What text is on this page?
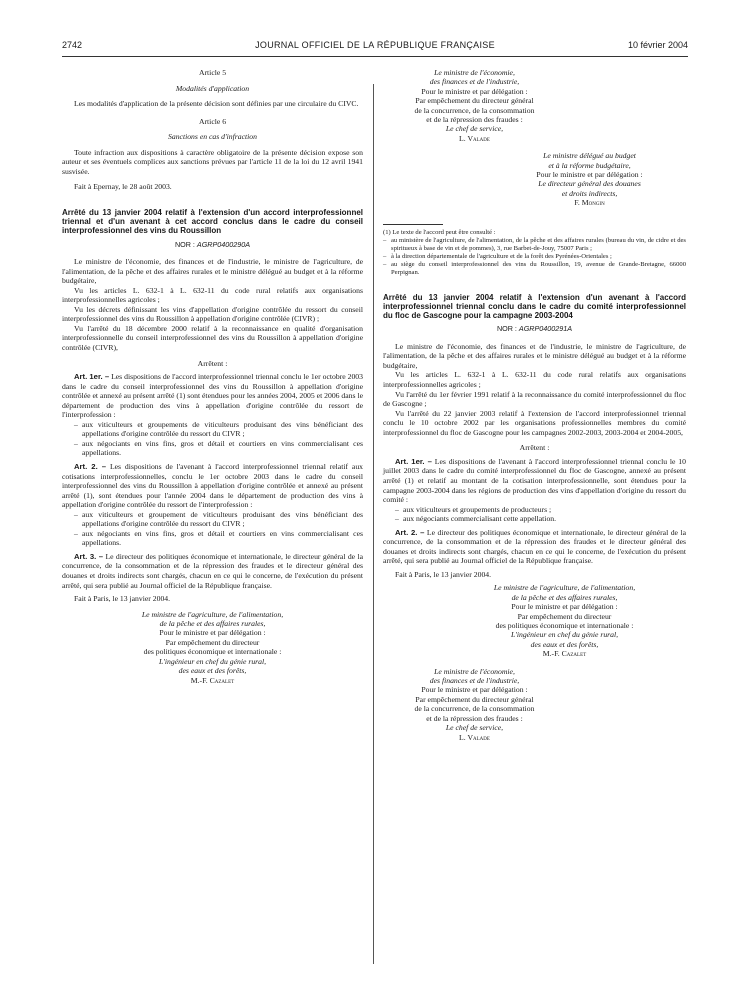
2742	JOURNAL OFFICIEL DE LA RÉPUBLIQUE FRANÇAISE	10 février 2004
Article 5
Modalités d'application

Les modalités d'application de la présente décision sont définies par une circulaire du CIVC.

Article 6
Sanctions en cas d'infraction

Toute infraction aux dispositions à caractère obligatoire de la présente décision expose son auteur et ses éventuels complices aux sanctions prévues par l'article 11 de la loi du 12 avril 1941 susvisée.

Fait à Epernay, le 28 août 2003.

Arrêté du 13 janvier 2004 relatif à l'extension d'un accord interprofessionnel triennal et d'un avenant à cet accord conclus dans le cadre du conseil interprofessionnel des vins du Roussillon

NOR : AGRP0400290A

Le ministre de l'économie, des finances et de l'industrie, le ministre de l'agriculture, de l'alimentation, de la pêche et des affaires rurales et le ministre délégué au budget et à la réforme budgétaire,

Vu les articles L. 632-1 à L. 632-11 du code rural relatifs aux organisations interprofessionnelles agricoles ;

Vu les décrets définissant les vins d'appellation d'origine contrôlée du ressort du conseil interprofessionnel des vins du Roussillon à appellation d'origine contrôlée (CIVR) ;

Vu l'arrêté du 18 décembre 2000 relatif à la reconnaissance en qualité d'organisation interprofessionnelle du conseil interprofessionnel des vins du Roussillon à appellation d'origine contrôlée (CIVR),

Arrêtent :

Art. 1er. – Les dispositions de l'accord interprofessionnel triennal conclu le 1er octobre 2003 dans le cadre du conseil interprofessionnel des vins du Roussillon à appellation d'origine contrôlée et annexé au présent arrêté (1) sont étendues pour les années 2004, 2005 et 2006 dans le département de production des vins à appellation d'origine contrôlée du ressort de l'interprofession :

– aux viticulteurs et groupements de viticulteurs produisant des vins bénéficiant des appellations d'origine contrôlée du ressort du CIVR ;
– aux négociants en vins fins, gros et détail et courtiers en vins commercialisant ces appellations.

Art. 2. – Les dispositions de l'avenant à l'accord interprofessionnel triennal relatif aux cotisations interprofessionnelles, conclu le 1er octobre 2003 dans le cadre du conseil interprofessionnel des vins du Roussillon à appellation d'origine contrôlée et annexé au présent arrêté (1), sont étendues pour l'année 2004 dans le département de production des vins à appellation d'origine contrôlée du ressort de l'interprofession :

– aux viticulteurs et groupement de viticulteurs produisant des vins bénéficiant des appellations d'origine contrôlée du ressort du CIVR ;
– aux négociants en vins fins, gros et détail et courtiers en vins commercialisant ces appellations.

Art. 3. – Le directeur des politiques économique et internationale, le directeur général de la concurrence, de la consommation et de la répression des fraudes et le directeur général des douanes et droits indirects sont chargés, chacun en ce qui le concerne, de l'exécution du présent arrêté, qui sera publié au Journal officiel de la République française.

Fait à Paris, le 13 janvier 2004.

Le ministre de l'agriculture, de l'alimentation,
de la pêche et des affaires rurales,
Pour le ministre et par délégation :
Par empêchement du directeur
des politiques économique et internationale :
L'ingénieur en chef du génie rural,
des eaux et des forêts,
M.-F. Cazalet
Le ministre de l'économie,
des finances et de l'industrie,
Pour le ministre et par délégation :
Par empêchement du directeur général
de la concurrence, de la consommation
et de la répression des fraudes :
Le chef de service,
L. Valade
Le ministre délégué au budget
et à la réforme budgétaire,
Pour le ministre et par délégation :
Le directeur général des douanes
et droits indirects,
F. Mongin

(1) Le texte de l'accord peut être consulté :

– au ministère de l'agriculture, de l'alimentation, de la pêche et des affaires rurales (bureau du vin, de cidre et des spiritueux à base de vin et de pommes), 3, rue Barbet-de-Jouy, 75007 Paris ;
– à la direction départementale de l'agriculture et de la forêt des Pyrénées-Orientales ;
– au siège du conseil interprofessionnel des vins du Roussillon, 19, avenue de Grande-Bretagne, 66000 Perpignan.

Arrêté du 13 janvier 2004 relatif à l'extension d'un avenant à l'accord interprofessionnel triennal conclu dans le cadre du comité interprofessionnel du floc de Gascogne pour la campagne 2003-2004

NOR : AGRP0400291A

Le ministre de l'économie, des finances et de l'industrie, le ministre de l'agriculture, de l'alimentation, de la pêche et des affaires rurales et le ministre délégué au budget et à la réforme budgétaire,

Vu les articles L. 632-1 à L. 632-11 du code rural relatifs aux organisations interprofessionnelles agricoles ;

Vu l'arrêté du 1er février 1991 relatif à la reconnaissance du comité interprofessionnel du floc de Gascogne ;

Vu l'arrêté du 22 janvier 2003 relatif à l'extension de l'accord interprofessionnel triennal conclu le 10 octobre 2002 par les organisations professionnelles membres du comité interprofessionnel du floc de Gascogne pour les campagnes 2002-2003, 2003-2004 et 2004-2005,

Arrêtent :

Art. 1er. – Les dispositions de l'avenant à l'accord interprofessionnel triennal conclu le 10 juillet 2003 dans le cadre du comité interprofessionnel du floc de Gascogne, annexé au présent arrêté (1) et relatif au montant de la cotisation interprofessionnelle, sont étendues pour la campagne 2003-2004 dans les régions de production des vins d'appellation d'origine du ressort du comité :

– aux viticulteurs et groupements de producteurs ;
– aux négociants commercialisant cette appellation.

Art. 2. – Le directeur des politiques économique et internationale, le directeur général de la concurrence, de la consommation et de la répression des fraudes et le directeur général des douanes et droits indirects sont chargés, chacun en ce qui le concerne, de l'exécution du présent arrêté, qui sera publié au Journal officiel de la République française.

Fait à Paris, le 13 janvier 2004.

Le ministre de l'agriculture, de l'alimentation,
de la pêche et des affaires rurales,
Pour le ministre et par délégation :
Par empêchement du directeur
des politiques économique et internationale :
L'ingénieur en chef du génie rural,
des eaux et des forêts,
M.-F. Cazalet
Le ministre de l'économie,
des finances et de l'industrie,
Pour le ministre et par délégation :
Par empêchement du directeur général
de la concurrence, de la consommation
et de la répression des fraudes :
Le chef de service,
L. Valade
